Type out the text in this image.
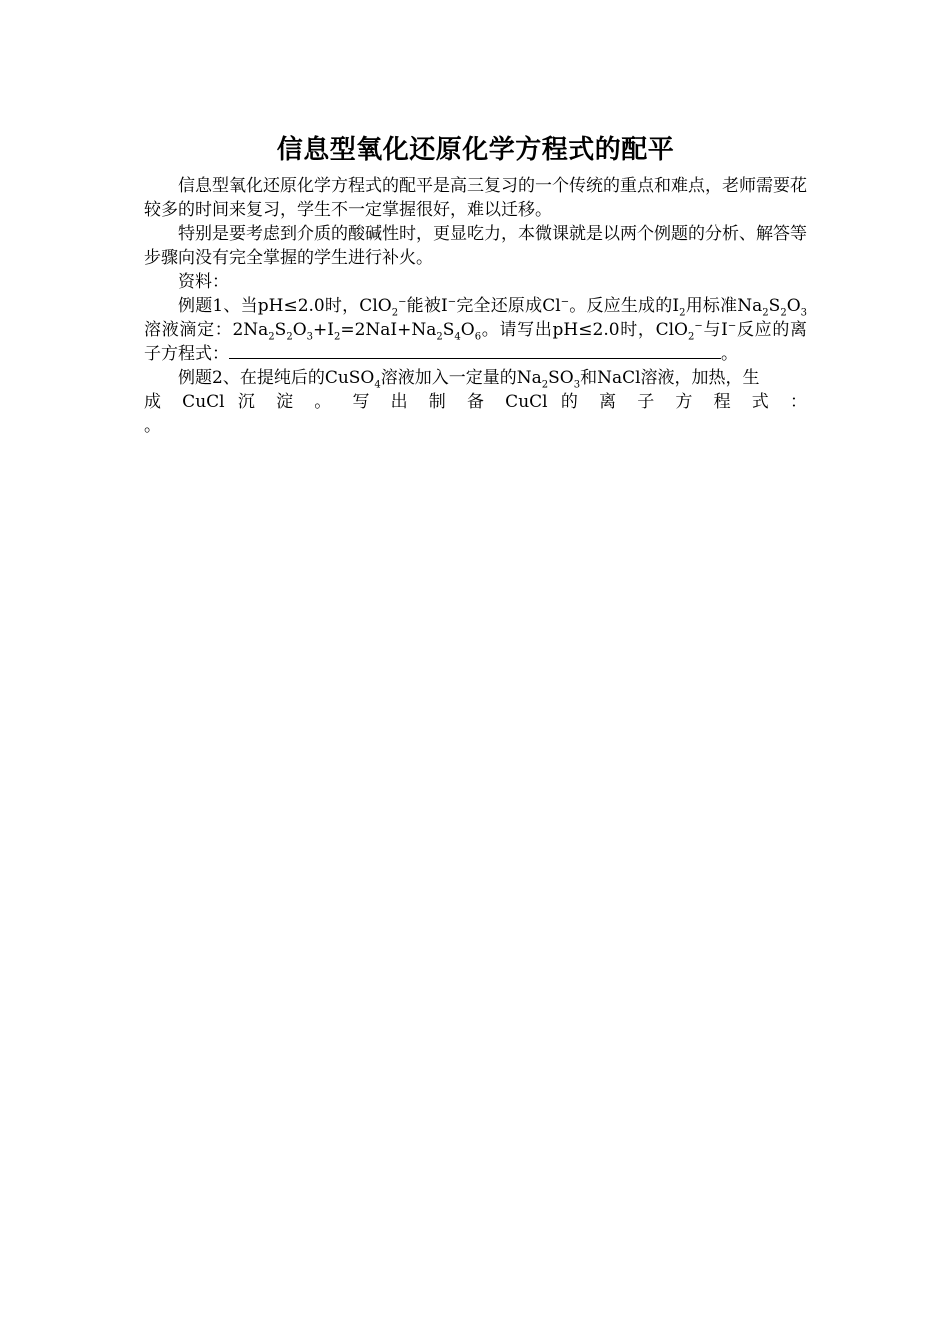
信息型氧化还原化学方程式的配平

信息型氧化还原化学方程式的配平是高三复习的一个传统的重点和难点，老师需要花较多的时间来复习，学生不一定掌握很好，难以迁移。

特别是要考虑到介质的酸碱性时，更显吃力，本微课就是以两个例题的分析、解答等步骤向没有完全掌握的学生进行补火。

资料：

例题1、当pH≤2.0时，ClO$_2$−能被I−完全还原成Cl−。反应生成的$I_2$用标准$Na_2S_2O_3$溶液滴定：$2Na_2S_2O_3+I_2=2NaI+Na_2S_4O_6$。请写出pH≤2.0时，ClO$_2$−与I−反应的离子方程式：	。

例题2、在提纯后的CuSO$_4$溶液加入一定量的$Na_2SO_3$和NaCl溶液，加热，生

成 CuCl 沉 淀 。 写 出 制 备 CuCl 的 离 子 方 程 式 ：

。
